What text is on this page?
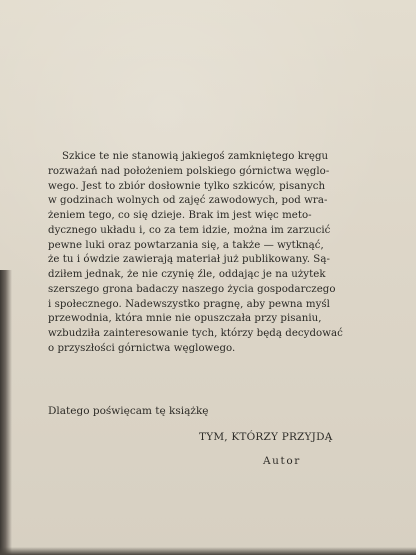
Szkice te nie stanowią jakiegoś zamkniętego kręgu
rozważań nad położeniem polskiego górnictwa węglo-
wego. Jest to zbiór dosłownie tylko szkiców, pisanych
w godzinach wolnych od zajęć zawodowych, pod wra-
żeniem tego, co się dzieje. Brak im jest więc meto-
dycznego układu i, co za tem idzie, można im zarzucić
pewne luki oraz powtarzania się, a także — wytknąć,
że tu i ówdzie zawierają materiał już publikowany. Są-
dziłem jednak, że nie czynię źle, oddając je na użytek
szerszego grona badaczy naszego życia gospodarczego
i społecznego. Nadewszystko pragnę, aby pewna myśl
przewodnia, która mnie nie opuszczała przy pisaniu,
wzbudziła zainteresowanie tych, którzy będą decydować
o przyszłości górnictwa węglowego.
Dlatego poświęcam tę książkę
TYM, KTÓRZY PRZYJDĄ
Autor
